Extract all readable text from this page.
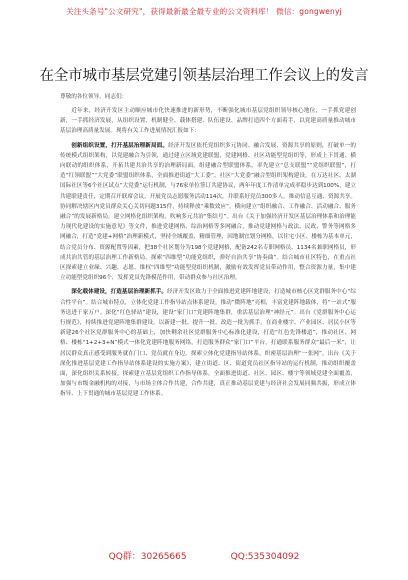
关注头条号"公文研究"，获得最新最全最专业的公文资料库！ 微信：gongwenyj
在全市城市基层党建引领基层治理工作会议上的发言
尊敬的各位领导，同志们：

近年来，经济开发区主动顺应城市化快速推进的新形势，不断强化城市基层党组织领导核心地位，一手抓党建创新，一手抓经济发展，从组织设置、机制健全、载体搭建、队伍建设、品牌打造四个方面着手，以党建高质量推动城市基层治理高质量发展。现将有关工作进展情况汇报如下：

创新组织设置，打开基层治理新局面。经济开发区依托党组织多元协同、融合发展、资源共享的原则，打破单一的传统模式组织架构，以党建融合为引领，通过建立区域党建联盟、党建网格、社区功能型党组织等，形成上下贯通、横向联动的组织体系，开拓共建共治共享的治理新局面。组建融合型联盟体系。率先建立“总支联盟”“党组织联盟”，打造“红领联盟”“大党委”联盟组织体系，全面推进街道“大工委”、社区“大党委”融合型组织架构建设。在万达社区、太湖国际社区等6个社区试点“大党委”运行机制，与76家单位签订共建协议，两年年度工作清单完成率稳步达到100%，建立共建联建责任，定期召开联席会议，开展党员志愿服务活动114次，并联系好党员300多人，推动信息互通、资源共享。协同解决辖区内党员群众关心关切问题315件，持续释放“乘数效应”。横向建立“组织融合、工作融合、活动融合、服务融合”的发展新格局。建立网格化组织架构，吹响多元共治“集结号”。出台《关于加强经济开发区基层治理体系和治理能力现代化建设的实施意见》等文件，推进党建网格、综治网格等多网融合，推动党建网格与政法、民政、警务等网格多网融合，打造“党建+网格”治理新模式，坚持全域覆盖、精细管理，因地制宜划分网格，以住宅小区、楼栋为基本单元，结合党员分布、资源配置等因素，把38个社区划分为198个党建网格，配备242名专职网格员、1134名兼职网格员，形成共治共管的基层治理工作新格局。探索“四维型”功能党组织，弹好自治共享“协奏曲”。结合城市社区特色，在重点社区探索建立业缘、兴趣、志愿、维权“四维型”功能型党组织机制，激励有效发挥党员带动作用，整合资源力量，集中建立功能型党组织96个，发挥党员先锋模范作用，带动群众参与社区治理。

深化载体建设，打造基层治理新抓手。经济开发区致力于全面推进党建阵地建设，打造城市核心区党群服务中心“综合性平台”。结合城市特点，立体化党建工作指导站点体系建设。推动“微阵地”亮相，丰富党建阵地载体，将“一站式”服务送进千家万户。深化“红色驿站”建设，建设“家门口”党建阵地集群，重活基层治理“神经元”。出台《党群服务中心运行规范》，持续推进党建阵地集群建设，以新建一批、提升一批、改造一批为抓手，在商业楼宇、产业园区、居民小区等新建26个社区党群服务中心的基础上，加快剩余社区党群服务中心标准化建设，打造“红色先锋楼道”，推动社区、网格、楼栋“1+2+3+N”模式一体化党建阵地服务网络，打造服务群众“家门口”平台，打通联系服务群众“最后一米”，让居民群众真正感受到服务就在门口、党员就在身边。探索立体化党建指导站体系，织密基层治理“一张网”。出台《关于深化推进基层党建工作指导站体系建设的实施方案》，建立街道、区、街道党员社区指导站的运行机制，推动组织覆盖面，深化组织关系转接，探索建立基层党组织工作指导体系，全面推进街道、社区、园区、楼宇等领域党建全面覆盖，加强与市级金融机构的对接，与市场主体合作共建，合作共建，真正推动基层党建与经济社会发展同频共振，形成立体指导、上下贯通的城市基层党建工作体系。

QQ群：30265665	QQ:535304092
